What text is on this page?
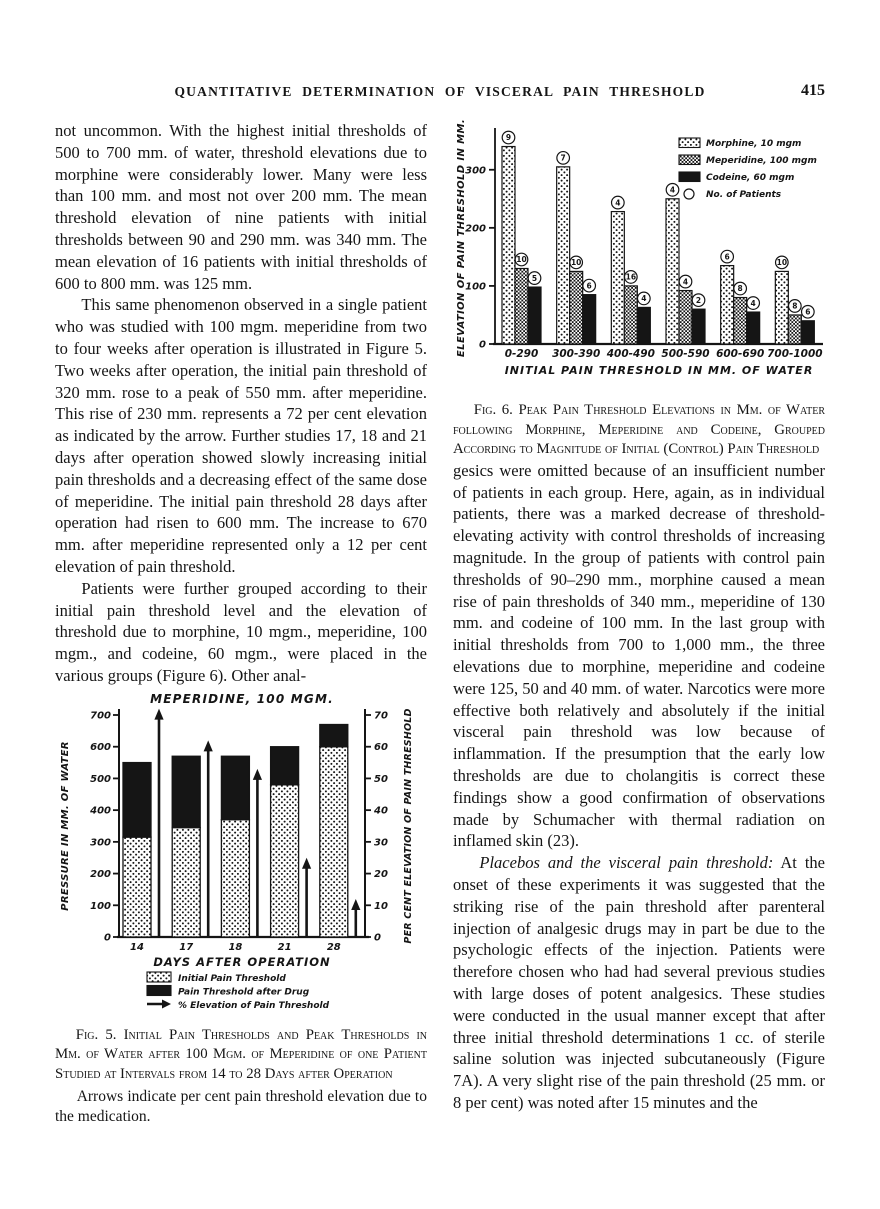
QUANTITATIVE DETERMINATION OF VISCERAL PAIN THRESHOLD	415

not uncommon. With the highest initial thresholds of 500 to 700 mm. of water, threshold elevations due to morphine were considerably lower. Many were less than 100 mm. and most not over 200 mm. The mean threshold elevation of nine patients with initial thresholds between 90 and 290 mm. was 340 mm. The mean elevation of 16 patients with initial thresholds of 600 to 800 mm. was 125 mm.

This same phenomenon observed in a single patient who was studied with 100 mgm. meperidine from two to four weeks after operation is illustrated in Figure 5. Two weeks after operation, the initial pain threshold of 320 mm. rose to a peak of 550 mm. after meperidine. This rise of 230 mm. represents a 72 per cent elevation as indicated by the arrow. Further studies 17, 18 and 21 days after operation showed slowly increasing initial pain thresholds and a decreasing effect of the same dose of meperidine. The initial pain threshold 28 days after operation had risen to 600 mm. The increase to 670 mm. after meperidine represented only a 12 per cent elevation of pain threshold.

Patients were further grouped according to their initial pain threshold level and the elevation of threshold due to morphine, 10 mgm., meperidine, 100 mgm., and codeine, 60 mgm., were placed in the various groups (Figure 6). Other anal-

MEPERIDINE, 100 MGM.
0
100
200
300
400
500
600
700
0
10
20
30
40
50
60
70
PRESSURE IN MM. OF WATER	PER CENT ELEVATION OF PAIN THRESHOLD
14	17	18	21	28
DAYS AFTER OPERATION
Initial Pain Threshold
Pain Threshold after Drug
% Elevation of Pain Threshold
Fig. 5. Initial Pain Thresholds and Peak Thresholds in Mm. of Water after 100 Mgm. of Meperidine of one Patient Studied at Intervals from 14 to 28 Days after Operation
Arrows indicate per cent pain threshold elevation due to the medication.
0
100
200
300
ELEVATION OF PAIN THRESHOLD IN MM.	9
10
5
0-290
7
10
6
300-390
4
16
4
400-490
4
4
2
500-590
6
8
4
600-690
10
8
6
700-1000
INITIAL PAIN THRESHOLD IN MM. OF WATER
Morphine, 10 mgm
Meperidine, 100 mgm
Codeine, 60 mgm
No. of Patients
Fig. 6. Peak Pain Threshold Elevations in Mm. of Water following Morphine, Meperidine and Codeine, Grouped According to Magnitude of Initial (Control) Pain Threshold

gesics were omitted because of an insufficient number of patients in each group. Here, again, as in individual patients, there was a marked decrease of threshold-elevating activity with control thresholds of increasing magnitude. In the group of patients with control pain thresholds of 90–290 mm., morphine caused a mean rise of pain thresholds of 340 mm., meperidine of 130 mm. and codeine of 100 mm. In the last group with initial thresholds from 700 to 1,000 mm., the three elevations due to morphine, meperidine and codeine were 125, 50 and 40 mm. of water. Narcotics were more effective both relatively and absolutely if the initial visceral pain threshold was low because of inflammation. If the presumption that the early low thresholds are due to cholangitis is correct these findings show a good confirmation of observations made by Schumacher with thermal radiation on inflamed skin (23).

Placebos and the visceral pain threshold: At the onset of these experiments it was suggested that the striking rise of the pain threshold after parenteral injection of analgesic drugs may in part be due to the psychologic effects of the injection. Patients were therefore chosen who had had several previous studies with large doses of potent analgesics. These studies were conducted in the usual manner except that after three initial threshold determinations 1 cc. of sterile saline solution was injected subcutaneously (Figure 7A). A very slight rise of the pain threshold (25 mm. or 8 per cent) was noted after 15 minutes and the
